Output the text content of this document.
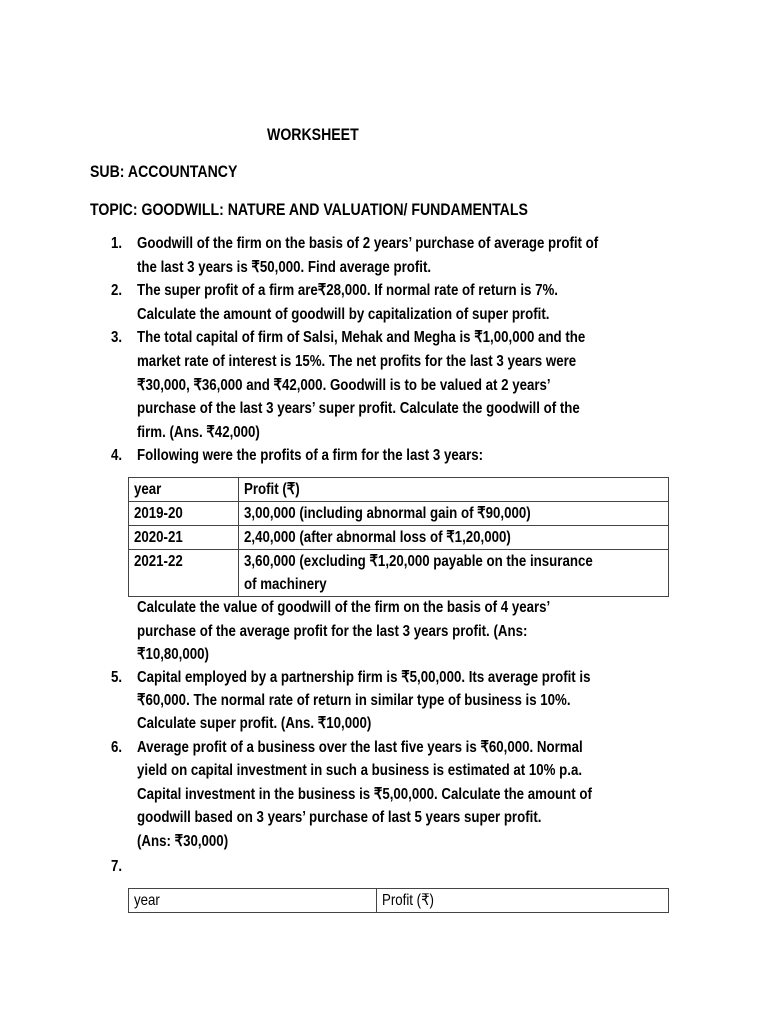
WORKSHEET
SUB: ACCOUNTANCY
TOPIC: GOODWILL: NATURE AND VALUATION/ FUNDAMENTALS
1. Goodwill of the firm on the basis of 2 years’ purchase of average profit of
the last 3 years is ₹50,000. Find average profit.
2. The super profit of a firm are₹28,000. If normal rate of return is 7%.
Calculate the amount of goodwill by capitalization of super profit.
3. The total capital of firm of Salsi, Mehak and Megha is ₹1,00,000 and the
market rate of interest is 15%. The net profits for the last 3 years were
₹30,000, ₹36,000 and ₹42,000. Goodwill is to be valued at 2 years’
purchase of the last 3 years’ super profit. Calculate the goodwill of the
firm. (Ans. ₹42,000)
4. Following were the profits of a firm for the last 3 years:
Calculate the value of goodwill of the firm on the basis of 4 years’
purchase of the average profit for the last 3 years profit. (Ans:
₹10,80,000)
5. Capital employed by a partnership firm is ₹5,00,000. Its average profit is
₹60,000. The normal rate of return in similar type of business is 10%.
Calculate super profit. (Ans. ₹10,000)
6. Average profit of a business over the last five years is ₹60,000. Normal
yield on capital investment in such a business is estimated at 10% p.a.
Capital investment in the business is ₹5,00,000. Calculate the amount of
goodwill based on 3 years’ purchase of last 5 years super profit.
(Ans: ₹30,000)
7.
year	Profit (₹)
2019-20	3,00,000 (including abnormal gain of ₹90,000)
2020-21	2,40,000 (after abnormal loss of ₹1,20,000)
2021-22	3,60,000 (excluding ₹1,20,000 payable on the insurance
of machinery
year	Profit (₹)
